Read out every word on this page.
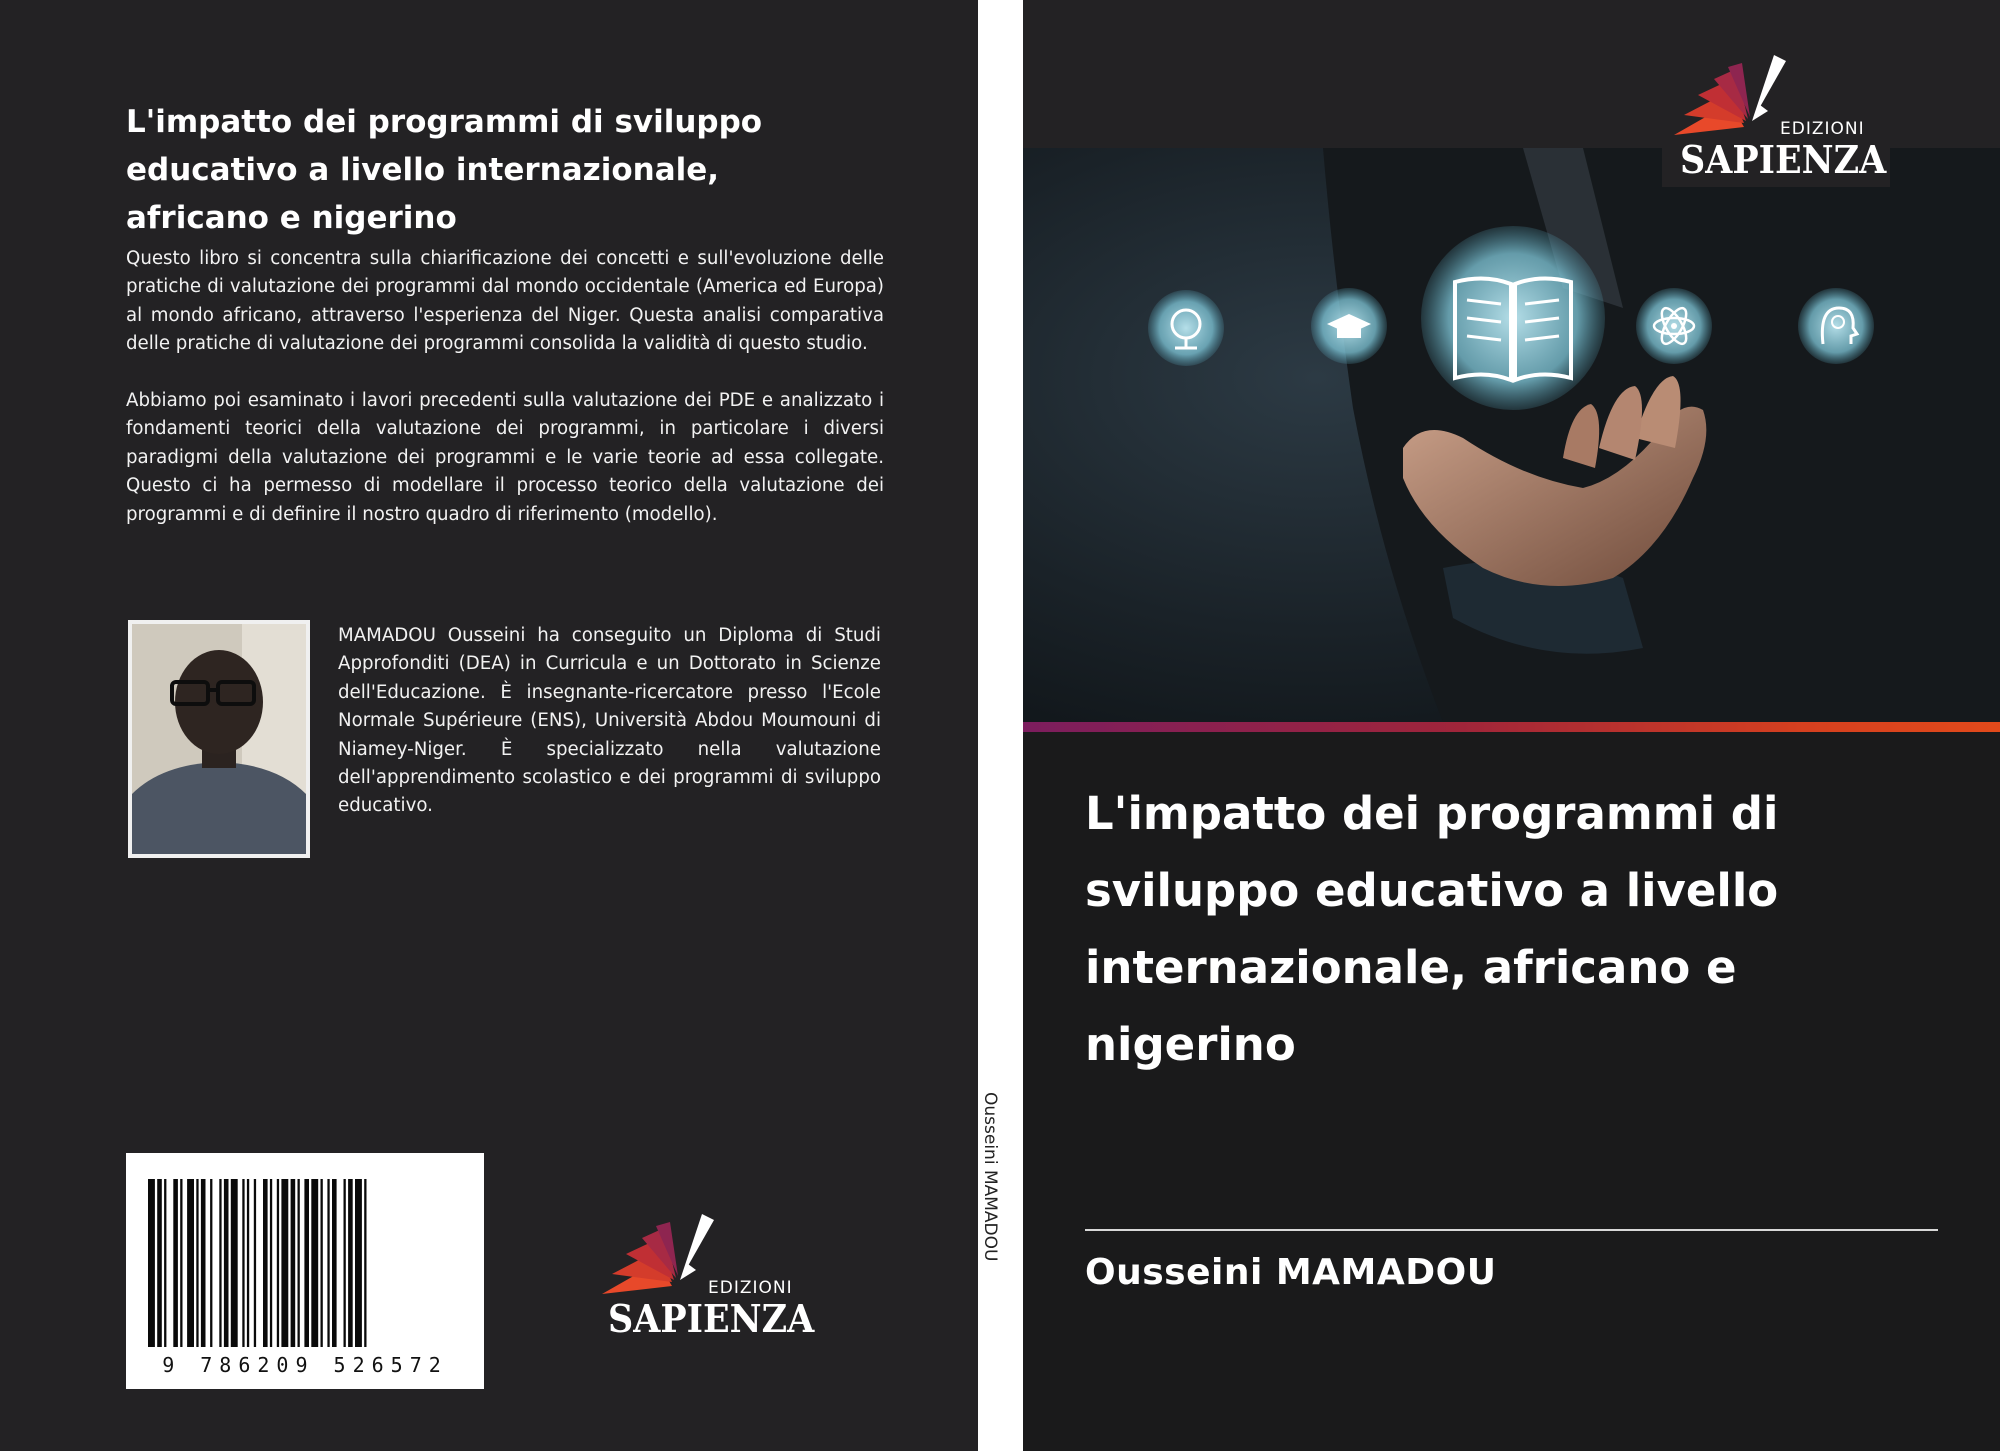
L'impatto dei programmi di sviluppo educativo a livello internazionale, africano e nigerino

Questo libro si concentra sulla chiarificazione dei concetti e sull'evoluzione delle pratiche di valutazione dei programmi dal mondo occidentale (America ed Europa) al mondo africano, attraverso l'esperienza del Niger. Questa analisi comparativa delle pratiche di valutazione dei programmi consolida la validità di questo studio.

Abbiamo poi esaminato i lavori precedenti sulla valutazione dei PDE e analizzato i fondamenti teorici della valutazione dei programmi, in particolare i diversi paradigmi della valutazione dei programmi e le varie teorie ad essa collegate. Questo ci ha permesso di modellare il processo teorico della valutazione dei programmi e di definire il nostro quadro di riferimento (modello).

MAMADOU Ousseini ha conseguito un Diploma di Studi Approfonditi (DEA) in Curricula e un Dottorato in Scienze dell'Educazione. È insegnante-ricercatore presso l'Ecole Normale Supérieure (ENS), Università Abdou Moumouni di Niamey-Niger. È specializzato nella valutazione dell'apprendimento scolastico e dei programmi di sviluppo educativo.

9 786209 526572
EDIZIONI
SAPIENZA
Ousseini MAMADOU
L'impatto dei programmi di sviluppo educativo a livello internazionale, africano e nigerino
Ousseini MAMADOU
EDIZIONI
SAPIENZA
